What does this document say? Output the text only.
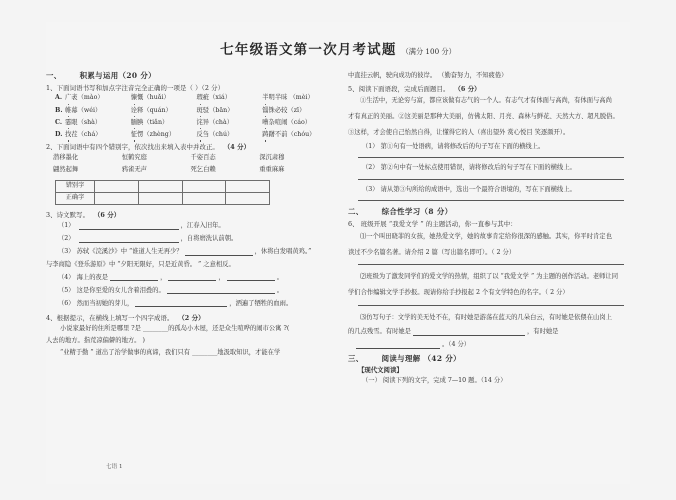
七年级语文第一次月考试题 （满分 100 分）
一、 积累与运用（20 分）
1、下面词语书写和加点字注音完全正确的一项是（ ）（2 分）
A. 广袤（mào）	慷慨（huǎi）	瑕疵（xiá）	半明半昧 （mèi）
B. 帷幕（wéi）	诠释（quán）	斑驳（bān）	锱铢必较（zī）
C. 霎眼（shà）	腼腆（tiǎn）	诧异（chà）	嘈杂喧闹（cáo）
D. 找茬（chá）	怔愣（zhèng）	反刍（chú）	踌躇不前（chóu）
2、下面词语中有四个错别字，依次找出来填入表中并改正。 （4 分）
潜移墨化	恒鹤究庭	千姿百态	深沉肃穆
翩然起舞	鸦雀无声	死乞白赖	重重麻麻
错别字				
正确字				
3、诗文默写。 （6 分）
（1）	，江春入旧年。
（2）	，自将磨洗认前朝。
（3） 苏轼《浣溪沙》中 “谁道人生无再少？	，休将白发唱黄鸡。”
与李商隐《登乐游原》中 “夕阳无限好，只是近黄昏。 ” 之意相反。
（4） 海上的夜是	，	，	。
（5） 这是你至爱的女儿含着泪叠的。	。
（6） 然而当初她的芽儿，	，洒遍了牺牲的血雨。
4、根据提示，在横线上填写一个四字成语。 （2 分）
小说家最好的住所是哪里 ?是 ________的孤岛小木屋，还是众生喧哗的闹市公寓 ?(
人去的地方。指荒凉偏僻的地方。 )
“业精于勤 ” 道出了治学做事的真谛，我们只有 ________地汲取知识，才能在学
中直挂云帆，驶向成功的彼岸。 （勤奋努力，不知疲倦）
5、阅读下面语段，完成后面题目。 （6 分）
①生活中，无论穷与富，都应该做有志气的一个人。有志气才有体面与高尚，有体面与高尚
才有真正的美丽。②这美丽是那种大美丽，仿佛太阳、月亮、森林与鲜花、天然大方、超凡脱俗。
③这样，才会使自己怡然自得，让懂得它的人（喜出望外 赏心悦目 笑逐颜开）。
（1） 第①句有一处语病，请将修改后的句子写在下面的横线上。
（2） 第②句中有一处标点使用错误，请将修改后的句子写在下面的横线上。
（3） 请从第③句所给的成语中，选出一个最符合语境的，写在下面横线上。
二、 综合性学习（8 分）
6、 班级开展 “我爱文学 ” 的主题活动，你一直参与其中：
⑴一个叫田晓菲的女孩，她热爱文学，她的故事肯定给你很深的感触。其实，你平时肯定也
读过不少名篇名著。请介绍 2 篇（写出篇名即可）。（ 2 分）
⑵班级为了激发同学们的爱文学的热情，组织了以 “我爱文学 ” 为主题的创作活动。老师让同
学们合作编辑文学手抄报。现请你给手抄报起 2 个有文学特色的名字。（ 2 分）
⑶仿写句子：文学的美无处不在，有时她是游荡在蓝天的几朵白云，有时她是依偎在山岗上
的几点残雪。有时她是	，有时她是
。（4 分）
三、 阅读与理解 （42 分）
【现代文阅读】
（一） 阅读下列的文字，完成 7—10 题。（14 分）
七语 1
